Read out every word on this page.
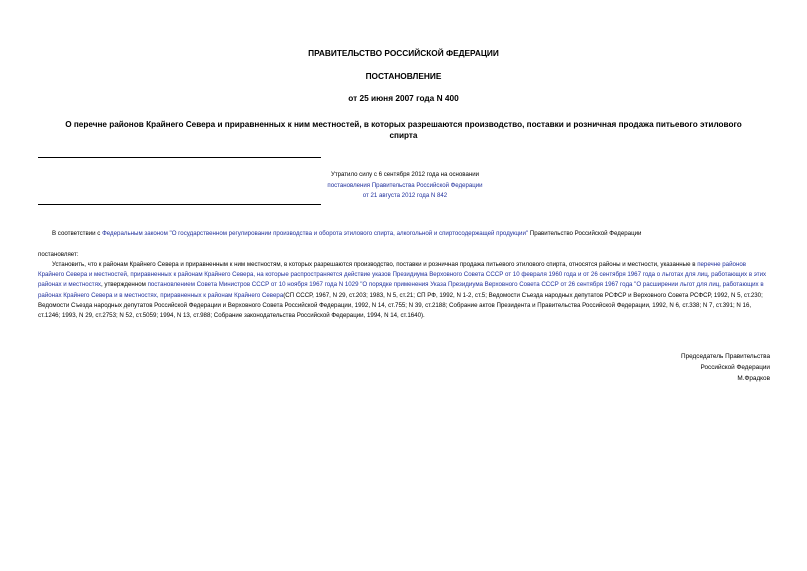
ПРАВИТЕЛЬСТВО РОССИЙСКОЙ ФЕДЕРАЦИИ
ПОСТАНОВЛЕНИЕ
от 25 июня 2007 года N 400
О перечне районов Крайнего Севера и приравненных к ним местностей, в которых разрешаются производство, поставки и розничная продажа питьевого этилового спирта
Утратило силу с 6 сентября 2012 года на основании
постановления Правительства Российской Федерации
от 21 августа 2012 года N 842
В соответствии с Федеральным законом "О государственном регулировании производства и оборота этилового спирта, алкогольной и спиртосодержащей продукции" Правительство Российской Федерации
постановляет:
Установить, что к районам Крайнего Севера и приравненным к ним местностям, в которых разрешаются производство, поставки и розничная продажа питьевого этилового спирта, относятся районы и местности, указанные в перечне районов Крайнего Севера и местностей, приравненных к районам Крайнего Севера, на которые распространяется действие указов Президиума Верховного Совета СССР от 10 февраля 1960 года и от 26 сентября 1967 года о льготах для лиц, работающих в этих районах и местностях, утвержденном постановлением Совета Министров СССР от 10 ноября 1967 года N 1029 "О порядке применения Указа Президиума Верховного Совета СССР от 26 сентября 1967 года "О расширении льгот для лиц, работающих в районах Крайнего Севера и в местностях, приравненных к районам Крайнего Севера(СП СССР, 1967, N 29, ст.203; 1983, N 5, ст.21; СП РФ, 1992, N 1-2, ст.5; Ведомости Съезда народных депутатов РСФСР и Верховного Совета РСФСР, 1992, N 5, ст.230; Ведомости Съезда народных депутатов Российской Федерации и Верховного Совета Российской Федерации, 1992, N 14, ст.755; N 39, ст.2188; Собрание актов Президента и Правительства Российской Федерации, 1992, N 6, ст.338; N 7, ст.391; N 16, ст.1246; 1993, N 29, ст.2753; N 52, ст.5059; 1994, N 13, ст.988; Собрание законодательства Российской Федерации, 1994, N 14, ст.1640).
Председатель Правительства
Российской Федерации
М.Фрадков
